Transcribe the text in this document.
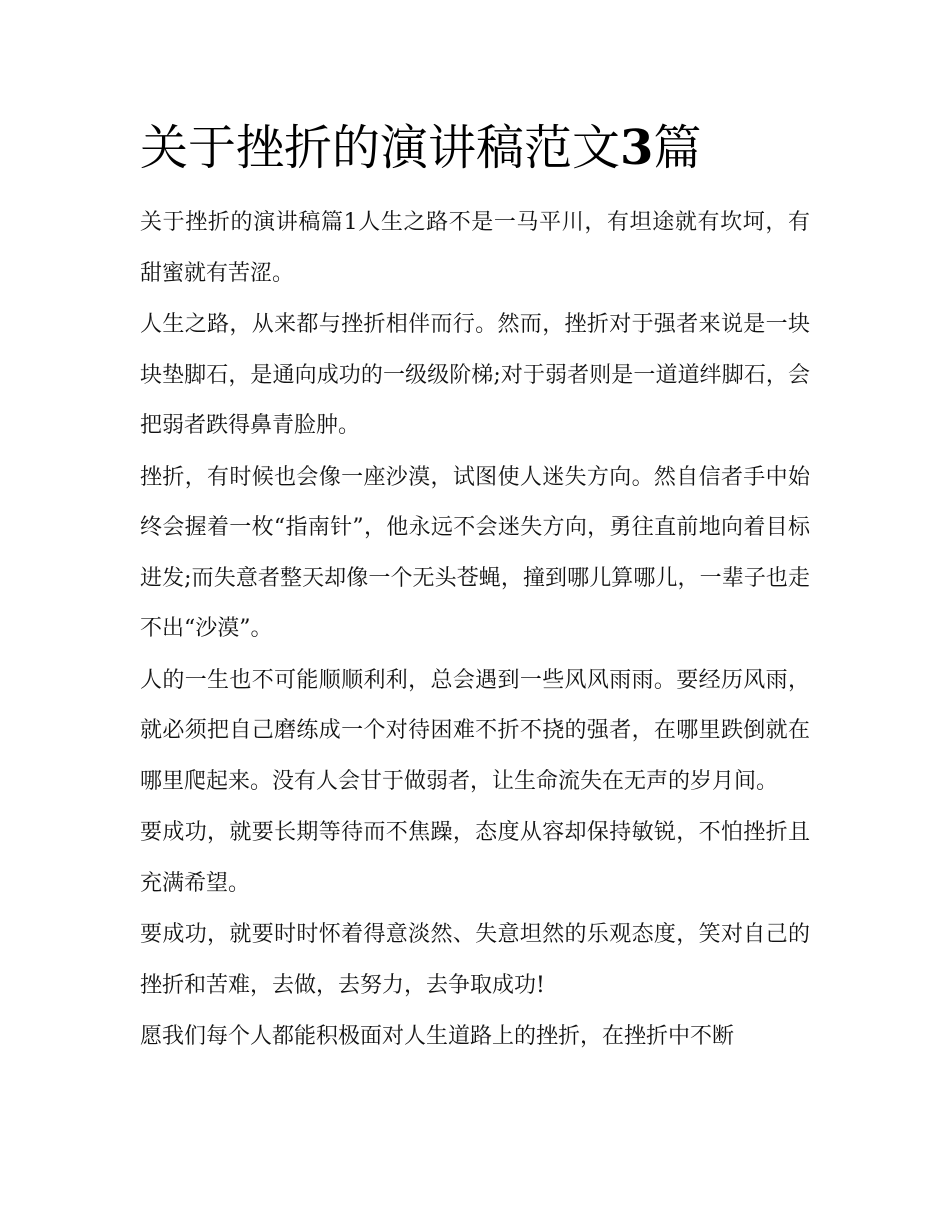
关于挫折的演讲稿范文3篇

关于挫折的演讲稿篇1人生之路不是一马平川，有坦途就有坎坷，有甜蜜就有苦涩。

人生之路，从来都与挫折相伴而行。然而，挫折对于强者来说是一块块垫脚石，是通向成功的一级级阶梯;对于弱者则是一道道绊脚石，会把弱者跌得鼻青脸肿。

挫折，有时候也会像一座沙漠，试图使人迷失方向。然自信者手中始终会握着一枚“指南针”，他永远不会迷失方向，勇往直前地向着目标进发;而失意者整天却像一个无头苍蝇，撞到哪儿算哪儿，一辈子也走不出“沙漠”。

人的一生也不可能顺顺利利，总会遇到一些风风雨雨。要经历风雨，就必须把自己磨练成一个对待困难不折不挠的强者，在哪里跌倒就在哪里爬起来。没有人会甘于做弱者，让生命流失在无声的岁月间。

要成功，就要长期等待而不焦躁，态度从容却保持敏锐，不怕挫折且充满希望。

要成功，就要时时怀着得意淡然、失意坦然的乐观态度，笑对自己的挫折和苦难，去做，去努力，去争取成功!

愿我们每个人都能积极面对人生道路上的挫折，在挫折中不断
